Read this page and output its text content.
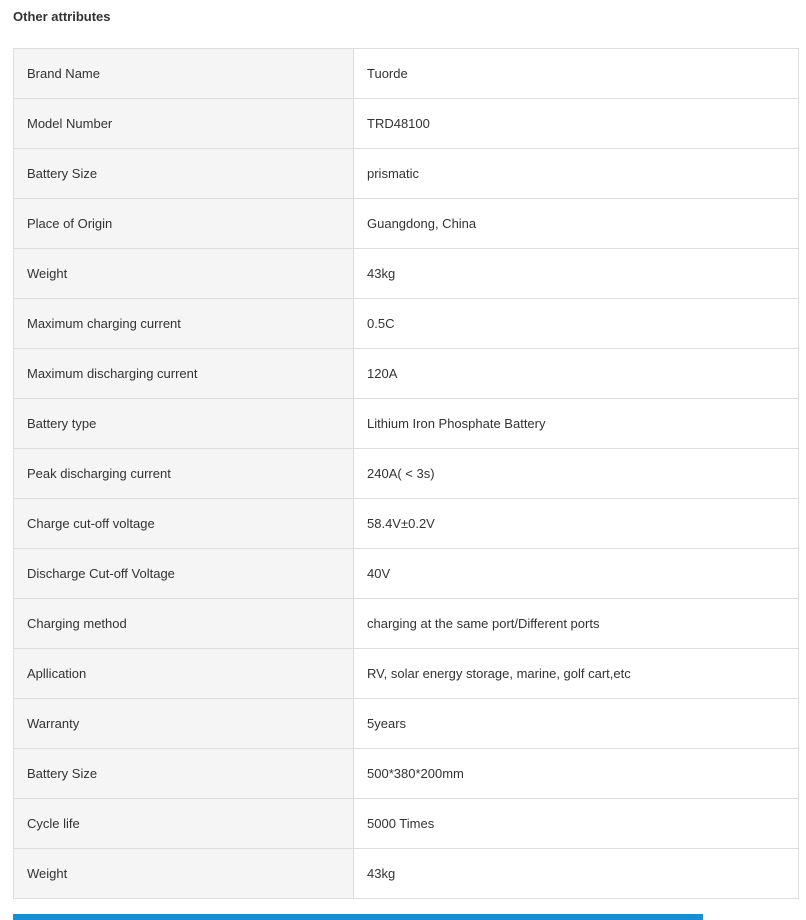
Other attributes
Brand Name	Tuorde
Model Number	TRD48100
Battery Size	prismatic
Place of Origin	Guangdong, China
Weight	43kg
Maximum charging current	0.5C
Maximum discharging current	120A
Battery type	Lithium Iron Phosphate Battery
Peak discharging current	240A( < 3s)
Charge cut-off voltage	58.4V±0.2V
Discharge Cut-off Voltage	40V
Charging method	charging at the same port/Different ports
Apllication	RV, solar energy storage, marine, golf cart,etc
Warranty	5years
Battery Size	500*380*200mm
Cycle life	5000 Times
Weight	43kg
